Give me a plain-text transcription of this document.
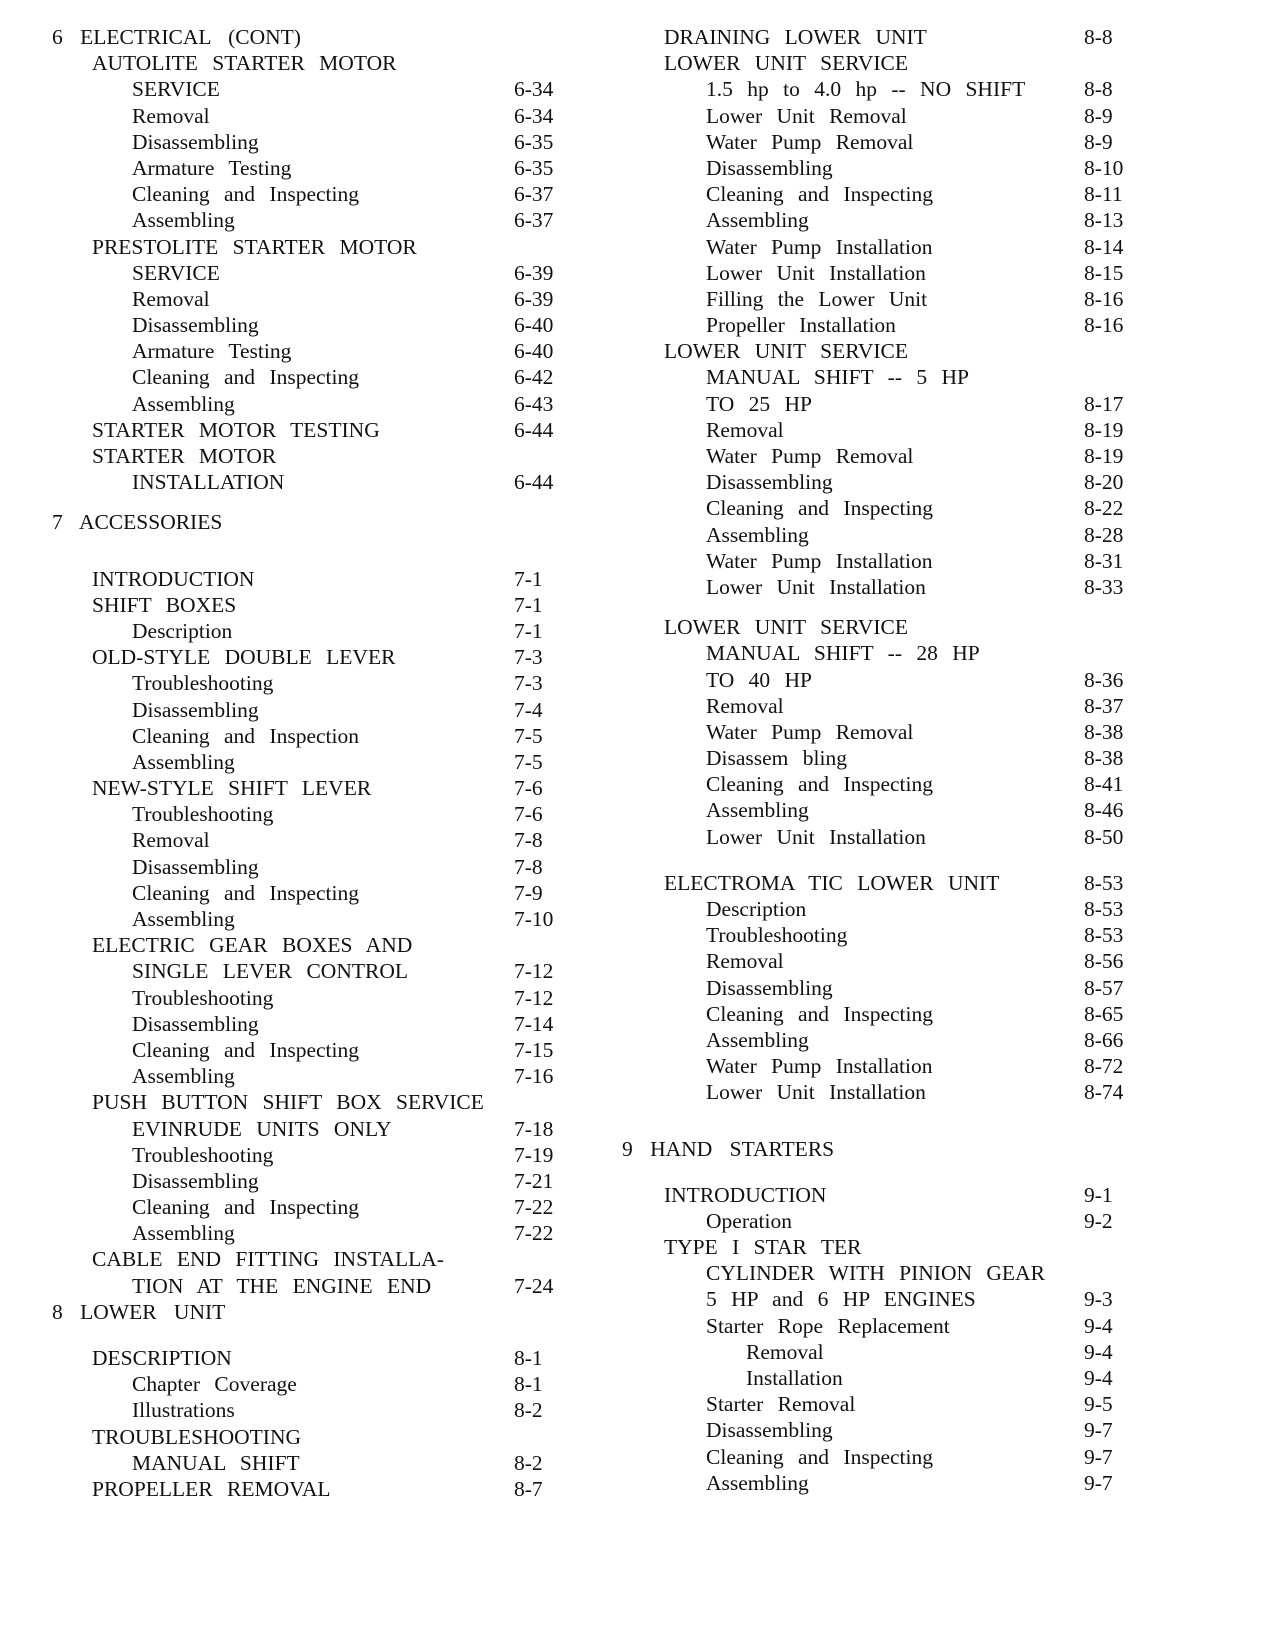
6 ELECTRICAL (CONT)
AUTOLITE STARTER MOTOR
SERVICE	6-34
Removal	6-34
Disassembling	6-35
Armature Testing	6-35
Cleaning and Inspecting	6-37
Assembling	6-37
PRESTOLITE STARTER MOTOR
SERVICE	6-39
Removal	6-39
Disassembling	6-40
Armature Testing	6-40
Cleaning and Inspecting	6-42
Assembling	6-43
STARTER MOTOR TESTING	6-44
STARTER MOTOR
INSTALLATION	6-44
7 ACCESSORIES
INTRODUCTION	7-1
SHIFT BOXES	7-1
Description	7-1
OLD-STYLE DOUBLE LEVER	7-3
Troubleshooting	7-3
Disassembling	7-4
Cleaning and Inspection	7-5
Assembling	7-5
NEW-STYLE SHIFT LEVER	7-6
Troubleshooting	7-6
Removal	7-8
Disassembling	7-8
Cleaning and Inspecting	7-9
Assembling	7-10
ELECTRIC GEAR BOXES AND
SINGLE LEVER CONTROL	7-12
Troubleshooting	7-12
Disassembling	7-14
Cleaning and Inspecting	7-15
Assembling	7-16
PUSH BUTTON SHIFT BOX SERVICE
EVINRUDE UNITS ONLY	7-18
Troubleshooting	7-19
Disassembling	7-21
Cleaning and Inspecting	7-22
Assembling	7-22
CABLE END FITTING INSTALLA-
TION AT THE ENGINE END	7-24
8 LOWER UNIT
DESCRIPTION	8-1
Chapter Coverage	8-1
Illustrations	8-2
TROUBLESHOOTING
MANUAL SHIFT	8-2
PROPELLER REMOVAL	8-7
DRAINING LOWER UNIT	8-8
LOWER UNIT SERVICE
1.5 hp to 4.0 hp -- NO SHIFT	8-8
Lower Unit Removal	8-9
Water Pump Removal	8-9
Disassembling	8-10
Cleaning and Inspecting	8-11
Assembling	8-13
Water Pump Installation	8-14
Lower Unit Installation	8-15
Filling the Lower Unit	8-16
Propeller Installation	8-16
LOWER UNIT SERVICE
MANUAL SHIFT -- 5 HP
TO 25 HP	8-17
Removal	8-19
Water Pump Removal	8-19
Disassembling	8-20
Cleaning and Inspecting	8-22
Assembling	8-28
Water Pump Installation	8-31
Lower Unit Installation	8-33
LOWER UNIT SERVICE
MANUAL SHIFT -- 28 HP
TO 40 HP	8-36
Removal	8-37
Water Pump Removal	8-38
Disassem bling	8-38
Cleaning and Inspecting	8-41
Assembling	8-46
Lower Unit Installation	8-50
ELECTROMA TIC LOWER UNIT	8-53
Description	8-53
Troubleshooting	8-53
Removal	8-56
Disassembling	8-57
Cleaning and Inspecting	8-65
Assembling	8-66
Water Pump Installation	8-72
Lower Unit Installation	8-74
9 HAND STARTERS
INTRODUCTION	9-1
Operation	9-2
TYPE I STAR TER
CYLINDER WITH PINION GEAR
5 HP and 6 HP ENGINES	9-3
Starter Rope Replacement	9-4
Removal	9-4
Installation	9-4
Starter Removal	9-5
Disassembling	9-7
Cleaning and Inspecting	9-7
Assembling	9-7
